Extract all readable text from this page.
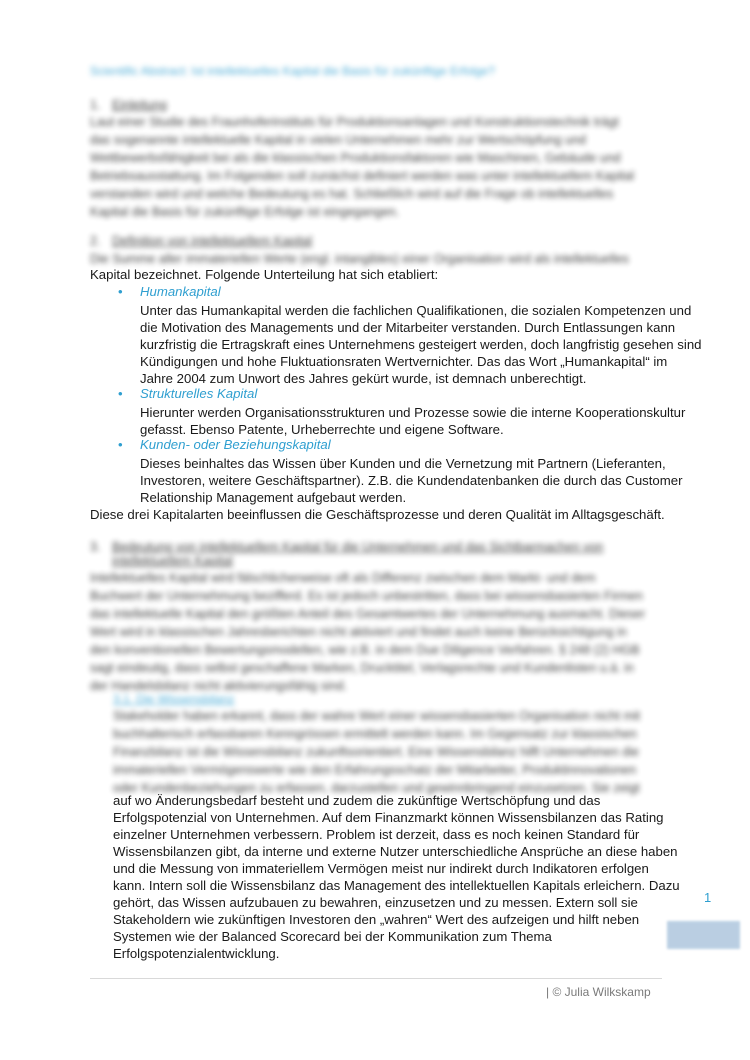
Scientific Abstract: Ist intellektuelles Kapital die Basis für zukünftige Erfolge?
1. Einleitung
Laut einer Studie des Fraunhoferinstituts für Produktionsanlagen und Konstruktionstechnik trägt
das sogenannte intellektuelle Kapital in vielen Unternehmen mehr zur Wertschöpfung und
Wettbewerbsfähigkeit bei als die klassischen Produktionsfaktoren wie Maschinen, Gebäude und
Betriebsausstattung. Im Folgenden soll zunächst definiert werden was unter intellektuellem Kapital
verstanden wird und welche Bedeutung es hat. Schließlich wird auf die Frage ob intellektuelles
Kapital die Basis für zukünftige Erfolge ist eingegangen.
2. Definition von intellektuellem Kapital
Die Summe aller immateriellen Werte (engl. intangibles) einer Organisation wird als intellektuelles
Kapital bezeichnet. Folgende Unterteilung hat sich etabliert:
• Humankapital
Unter das Humankapital werden die fachlichen Qualifikationen, die sozialen Kompetenzen und
die Motivation des Managements und der Mitarbeiter verstanden. Durch Entlassungen kann
kurzfristig die Ertragskraft eines Unternehmens gesteigert werden, doch langfristig gesehen sind
Kündigungen und hohe Fluktuationsraten Wertvernichter. Das das Wort „Humankapital“ im
Jahre 2004 zum Unwort des Jahres gekürt wurde, ist demnach unberechtigt.
• Strukturelles Kapital
Hierunter werden Organisationsstrukturen und Prozesse sowie die interne Kooperationskultur
gefasst. Ebenso Patente, Urheberrechte und eigene Software.
• Kunden- oder Beziehungskapital
Dieses beinhaltes das Wissen über Kunden und die Vernetzung mit Partnern (Lieferanten,
Investoren, weitere Geschäftspartner). Z.B. die Kundendatenbanken die durch das Customer
Relationship Management aufgebaut werden.
Diese drei Kapitalarten beeinflussen die Geschäftsprozesse und deren Qualität im Alltagsgeschäft.
3. Bedeutung von intellektuellem Kapital für die Unternehmen und das Sichtbarmachen von
intellektuellem Kapital
Intellektuelles Kapital wird fälschlicherweise oft als Differenz zwischen dem Markt- und dem
Buchwert der Unternehmung bezifferd. Es ist jedoch unbestritten, dass bei wissensbasierten Firmen
das intellektuelle Kapital den größten Anteil des Gesamtwertes der Unternehmung ausmacht. Dieser
Wert wird in klassischen Jahresberichten nicht aktiviert und findet auch keine Berücksichtigung in
den konventionellen Bewertungsmodellen, wie z.B. in dem Due Diligence Verfahren. § 248 (2) HGB
sagt eindeutig, dass selbst geschaffene Marken, Drucktitel, Verlagsrechte und Kundenlisten u.ä. in
der Handelsbilanz nicht aktivierungsfähig sind.
3.1. Die Wissensbilanz
Stakeholder haben erkannt, dass der wahre Wert einer wissensbasierten Organisation nicht mit
buchhalterisch erfassbaren Kenngrössen ermittelt werden kann. Im Gegensatz zur klassischen
Finanzbilanz ist die Wissensbilanz zukunftsorientiert. Eine Wissensbilanz hilft Unternehmen die
immateriellen Vermögenswerte wie den Erfahrungsschatz der Mitarbeiter, Produktinnovationen
oder Kundenbeziehungen zu erfassen, darzustellen und gewinnbringend einzusetzen. Sie zeigt
auf wo Änderungsbedarf besteht und zudem die zukünftige Wertschöpfung und das
Erfolgspotenzial von Unternehmen. Auf dem Finanzmarkt können Wissensbilanzen das Rating
einzelner Unternehmen verbessern. Problem ist derzeit, dass es noch keinen Standard für
Wissensbilanzen gibt, da interne und externe Nutzer unterschiedliche Ansprüche an diese haben
und die Messung von immateriellem Vermögen meist nur indirekt durch Indikatoren erfolgen
kann. Intern soll die Wissensbilanz das Management des intellektuellen Kapitals erleichern. Dazu
gehört, das Wissen aufzubauen zu bewahren, einzusetzen und zu messen. Extern soll sie
Stakeholdern wie zukünftigen Investoren den „wahren“ Wert des aufzeigen und hilft neben
Systemen wie der Balanced Scorecard bei der Kommunikation zum Thema
Erfolgspotenzialentwicklung.
1
| © Julia Wilkskamp
